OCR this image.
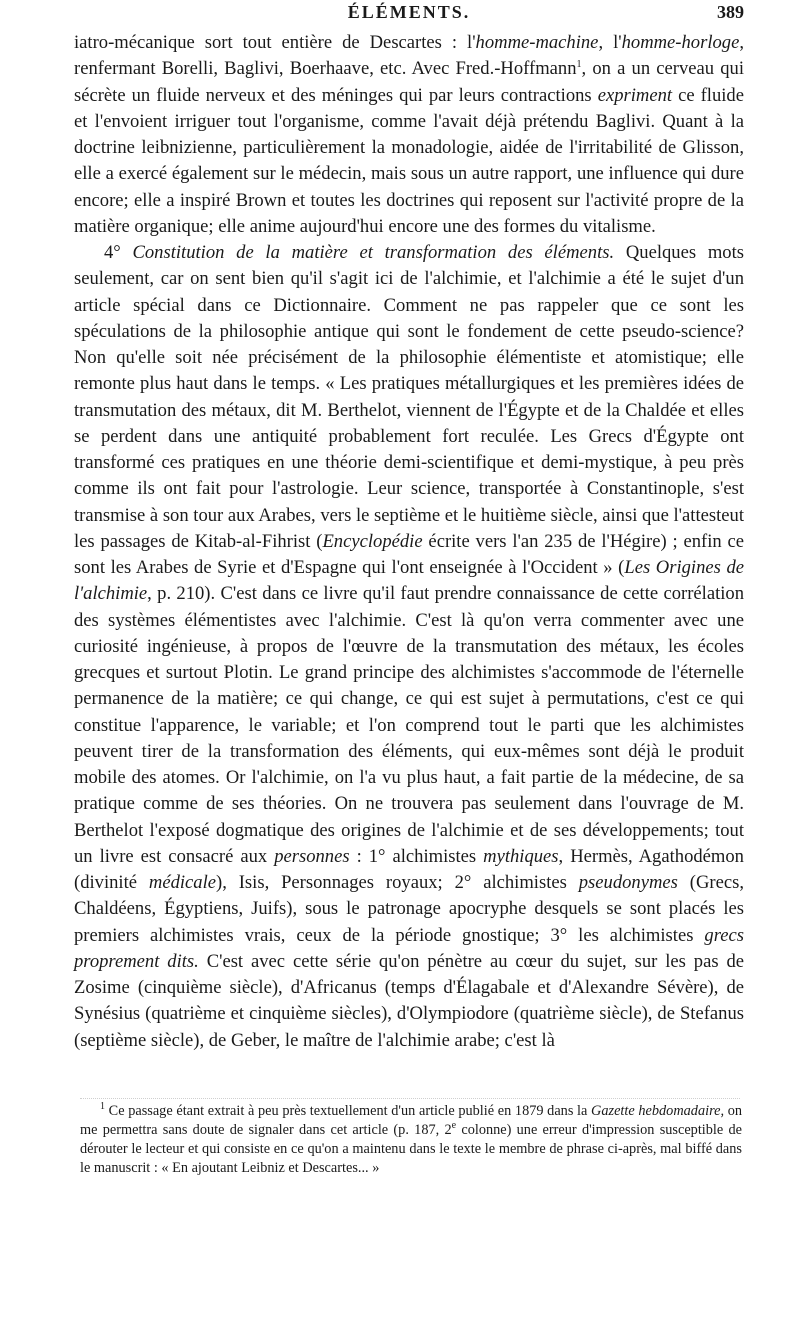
ÉLÉMENTS.	389

iatro-mécanique sort tout entière de Descartes : l'homme-machine, l'homme-horloge, renfermant Borelli, Baglivi, Boerhaave, etc. Avec Fred.-Hoffmann$^1$, on a un cerveau qui sécrète un fluide nerveux et des méninges qui par leurs contractions expriment ce fluide et l'envoient irriguer tout l'organisme, comme l'avait déjà prétendu Baglivi. Quant à la doctrine leibnizienne, particulièrement la monadologie, aidée de l'irritabilité de Glisson, elle a exercé également sur le médecin, mais sous un autre rapport, une influence qui dure encore; elle a inspiré Brown et toutes les doctrines qui reposent sur l'activité propre de la matière organique; elle anime aujourd'hui encore une des formes du vitalisme.

4° Constitution de la matière et transformation des éléments. Quelques mots seulement, car on sent bien qu'il s'agit ici de l'alchimie, et l'alchimie a été le sujet d'un article spécial dans ce Dictionnaire. Comment ne pas rappeler que ce sont les spéculations de la philosophie antique qui sont le fondement de cette pseudo-science? Non qu'elle soit née précisément de la philosophie élémentiste et atomistique; elle remonte plus haut dans le temps. « Les pratiques métallurgiques et les premières idées de transmutation des métaux, dit M. Berthelot, viennent de l'Égypte et de la Chaldée et elles se perdent dans une antiquité probablement fort reculée. Les Grecs d'Égypte ont transformé ces pratiques en une théorie demi-scientifique et demi-mystique, à peu près comme ils ont fait pour l'astrologie. Leur science, transportée à Constantinople, s'est transmise à son tour aux Arabes, vers le septième et le huitième siècle, ainsi que l'attesteut les passages de Kitab-al-Fihrist (Encyclopédie écrite vers l'an 235 de l'Hégire) ; enfin ce sont les Arabes de Syrie et d'Espagne qui l'ont enseignée à l'Occident » (Les Origines de l'alchimie, p. 210). C'est dans ce livre qu'il faut prendre connaissance de cette corrélation des systèmes élémentistes avec l'alchimie. C'est là qu'on verra commenter avec une curiosité ingénieuse, à propos de l'œuvre de la transmutation des métaux, les écoles grecques et surtout Plotin. Le grand principe des alchimistes s'accommode de l'éternelle permanence de la matière; ce qui change, ce qui est sujet à permutations, c'est ce qui constitue l'apparence, le variable; et l'on comprend tout le parti que les alchimistes peuvent tirer de la transformation des éléments, qui eux-mêmes sont déjà le produit mobile des atomes. Or l'alchimie, on l'a vu plus haut, a fait partie de la médecine, de sa pratique comme de ses théories. On ne trouvera pas seulement dans l'ouvrage de M. Berthelot l'exposé dogmatique des origines de l'alchimie et de ses développements; tout un livre est consacré aux personnes : 1° alchimistes mythiques, Hermès, Agathodémon (divinité médicale), Isis, Personnages royaux; 2° alchimistes pseudonymes (Grecs, Chaldéens, Égyptiens, Juifs), sous le patronage apocryphe desquels se sont placés les premiers alchimistes vrais, ceux de la période gnostique; 3° les alchimistes grecs proprement dits. C'est avec cette série qu'on pénètre au cœur du sujet, sur les pas de Zosime (cinquième siècle), d'Africanus (temps d'Élagabale et d'Alexandre Sévère), de Synésius (quatrième et cinquième siècles), d'Olympiodore (quatrième siècle), de Stefanus (septième siècle), de Geber, le maître de l'alchimie arabe; c'est là

$^1$ Ce passage étant extrait à peu près textuellement d'un article publié en 1879 dans la Gazette hebdomadaire, on me permettra sans doute de signaler dans cet article (p. 187, 2e colonne) une erreur d'impression susceptible de dérouter le lecteur et qui consiste en ce qu'on a maintenu dans le texte le membre de phrase ci-après, mal biffé dans le manuscrit : « En ajoutant Leibniz et Descartes... »
